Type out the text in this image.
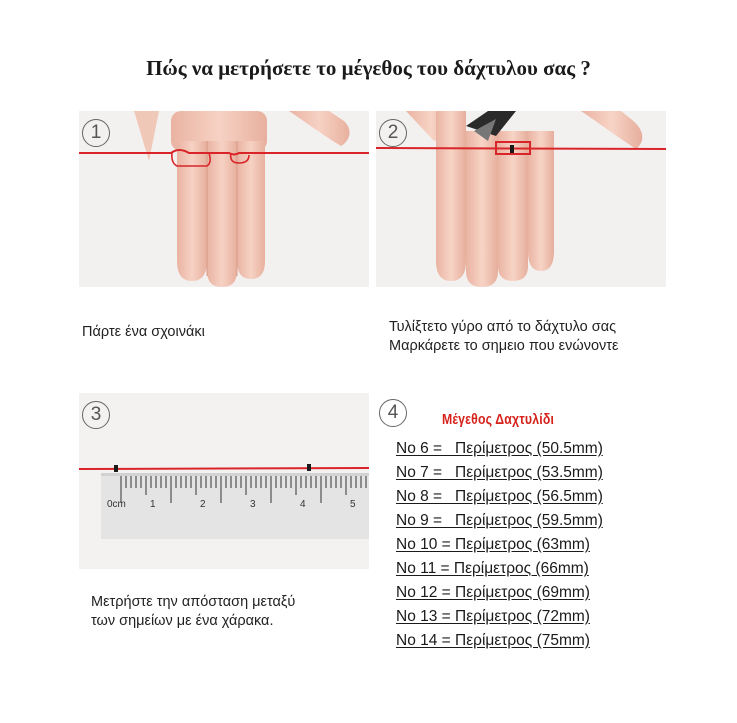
Πώς να μετρήσετε το μέγεθος του δάχτυλου σας ?
1
Πάρτε ένα σχοινάκι
2
Τυλίξτετο γύρο από το δάχτυλο σας
Μαρκάρετε το σημειο που ενώνοντε
3
0cm 1	2	3	4	5
Μετρήστε την απόσταση μεταξύ
των σημείων με ένα χάρακα.
4	Μέγεθος Δαχτυλίδι
No 6 =   Περίμετρος (50.5mm)
No 7 =   Περίμετρος (53.5mm)
No 8 =   Περίμετρος (56.5mm)
No 9 =   Περίμετρος (59.5mm)
No 10 = Περίμετρος (63mm)
No 11 = Περίμετρος (66mm)
No 12 = Περίμετρος (69mm)
No 13 = Περίμετρος (72mm)
No 14 = Περίμετρος (75mm)
